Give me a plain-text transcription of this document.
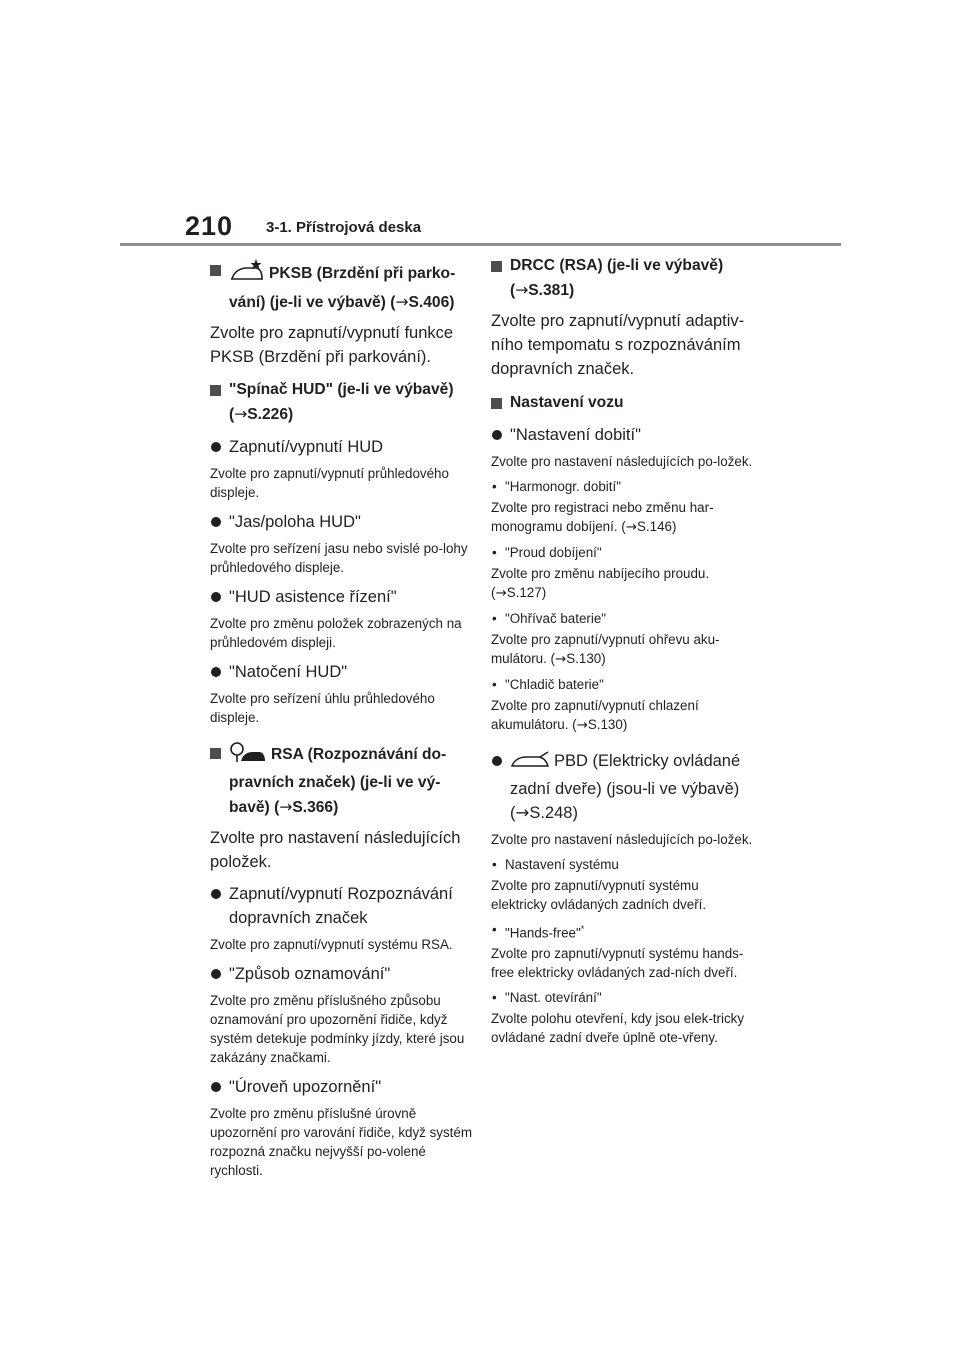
210 3-1. Přístrojová deska
PKSB (Brzdění při parko-vání) (je-li ve výbavě) (→S.406)
Zvolte pro zapnutí/vypnutí funkce PKSB (Brzdění při parkování).
"Spínač HUD" (je-li ve výbavě) (→S.226)
Zapnutí/vypnutí HUD
Zvolte pro zapnutí/vypnutí průhledového displeje.
"Jas/poloha HUD"
Zvolte pro seřízení jasu nebo svislé po-lohy průhledového displeje.
"HUD asistence řízení"
Zvolte pro změnu položek zobrazených na průhledovém displeji.
"Natočení HUD"
Zvolte pro seřízení úhlu průhledového displeje.
RSA (Rozpoznávání do-pravních značek) (je-li ve vý-bavě) (→S.366)
Zvolte pro nastavení následujících položek.
Zapnutí/vypnutí Rozpoznávání dopravních značek
Zvolte pro zapnutí/vypnutí systému RSA.
"Způsob oznamování"
Zvolte pro změnu příslušného způsobu oznamování pro upozornění řidiče, když systém detekuje podmínky jízdy, které jsou zakázány značkami.
"Úroveň upozornění"
Zvolte pro změnu příslušné úrovně upozornění pro varování řidiče, když systém rozpozná značku nejvyšší po-volené rychlosti.
DRCC (RSA) (je-li ve výbavě) (→S.381)
Zvolte pro zapnutí/vypnutí adaptiv-ního tempomatu s rozpoznáváním dopravních značek.
Nastavení vozu
"Nastavení dobití"
Zvolte pro nastavení následujících po-ložek.
• "Harmonogr. dobití"
Zvolte pro registraci nebo změnu har-monogramu dobíjení. (→S.146)
• "Proud dobíjení"
Zvolte pro změnu nabíjecího proudu. (→S.127)
• "Ohřívač baterie"
Zvolte pro zapnutí/vypnutí ohřevu aku-mulátoru. (→S.130)
• "Chladič baterie"
Zvolte pro zapnutí/vypnutí chlazení akumulátoru. (→S.130)
PBD (Elektricky ovládané zadní dveře) (jsou-li ve výbavě) (→S.248)
Zvolte pro nastavení následujících po-ložek.
• Nastavení systému
Zvolte pro zapnutí/vypnutí systému elektricky ovládaných zadních dveří.
• "Hands-free"*
Zvolte pro zapnutí/vypnutí systému hands-free elektricky ovládaných zad-ních dveří.
• "Nast. otevírání"
Zvolte polohu otevření, kdy jsou elek-tricky ovládané zadní dveře úplně ote-vřeny.
